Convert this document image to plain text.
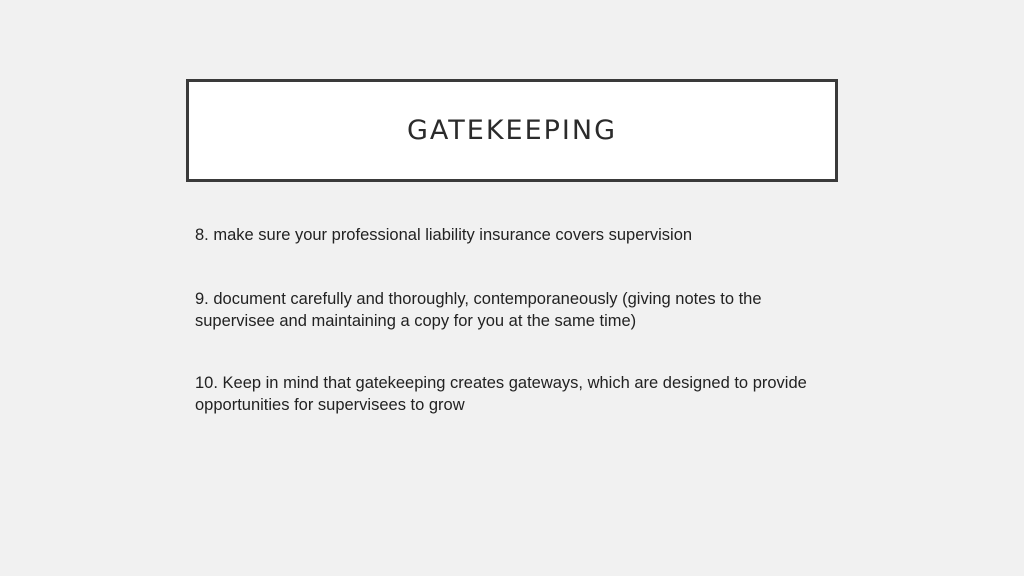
GATEKEEPING

8. make sure your professional liability insurance covers supervision

9. document carefully and thoroughly, contemporaneously (giving notes to the supervisee and maintaining a copy for you at the same time)

10. Keep in mind that gatekeeping creates gateways, which are designed to provide opportunities for supervisees to grow
